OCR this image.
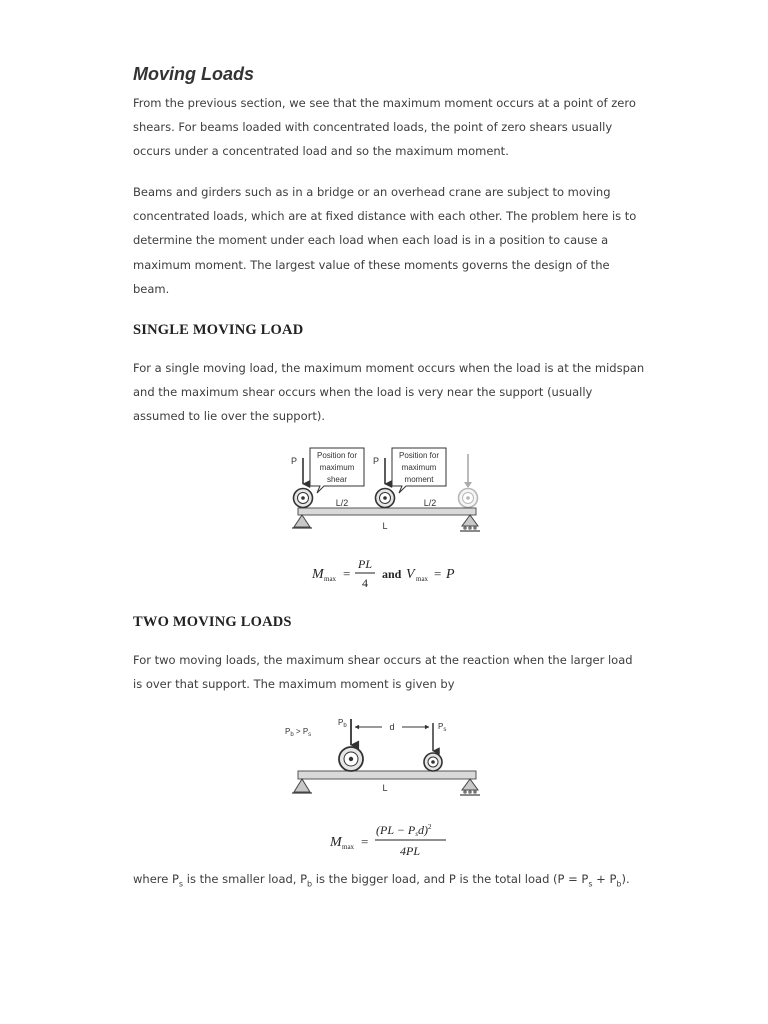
Moving Loads

From the previous section, we see that the maximum moment occurs at a point of zero
shears. For beams loaded with concentrated loads, the point of zero shears usually
occurs under a concentrated load and so the maximum moment.

Beams and girders such as in a bridge or an overhead crane are subject to moving
concentrated loads, which are at fixed distance with each other. The problem here is to
determine the moment under each load when each load is in a position to cause a
maximum moment. The largest value of these moments governs the design of the
beam.

SINGLE MOVING LOAD

For a single moving load, the maximum moment occurs when the load is at the midspan
and the maximum shear occurs when the load is very near the support (usually
assumed to lie over the support).

P	P
Position for
maximum
shear
Position for
maximum
moment
L/2	L/2
L
M max =
PL
4
and V max = P
TWO MOVING LOADS

For two moving loads, the maximum shear occurs at the reaction when the larger load
is over that support. The maximum moment is given by

$P_b > P_s$
$P_b$	$P_s$
d
L
M max =
(PL − Psd)$^2$
4PL

where $P_s$ is the smaller load, $P_b$ is the bigger load, and P is the total load $(P = P_s + P_b)$.
